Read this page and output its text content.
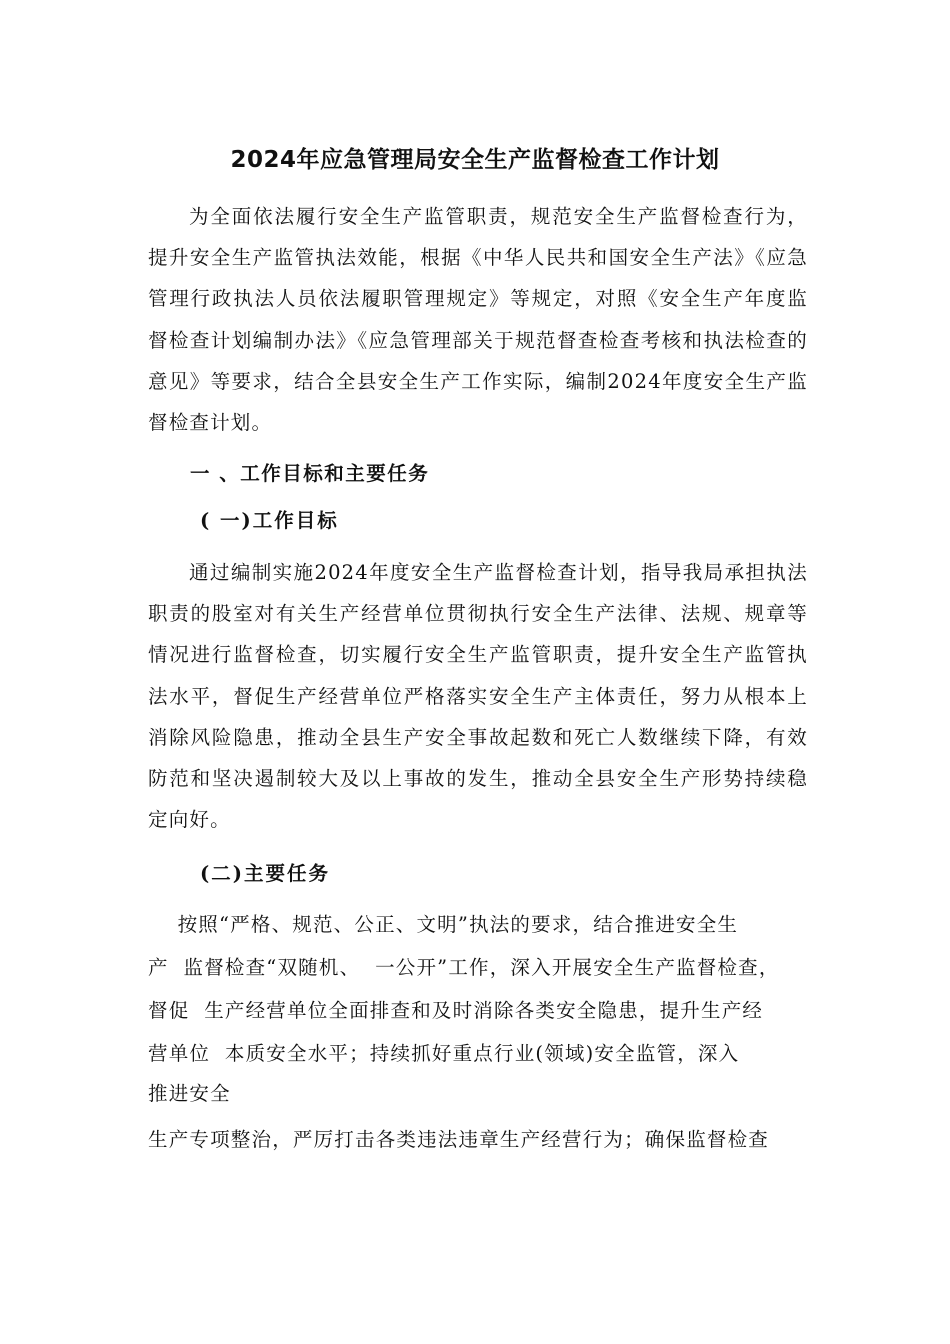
2024年应急管理局安全生产监督检查工作计划

为全面依法履行安全生产监管职责，规范安全生产监督检查行为，提升安全生产监管执法效能，根据《中华人民共和国安全生产法》《应急管理行政执法人员依法履职管理规定》等规定，对照《安全生产年度监督检查计划编制办法》《应急管理部关于规范督查检查考核和执法检查的意见》等要求，结合全县安全生产工作实际，编制2024年度安全生产监督检查计划。

一 、工作目标和主要任务
( 一)工作目标

通过编制实施2024年度安全生产监督检查计划，指导我局承担执法职责的股室对有关生产经营单位贯彻执行安全生产法律、法规、规章等情况进行监督检查，切实履行安全生产监管职责，提升安全生产监管执法水平，督促生产经营单位严格落实安全生产主体责任，努力从根本上消除风险隐患，推动全县生产安全事故起数和死亡人数继续下降，有效防范和坚决遏制较大及以上事故的发生，推动全县安全生产形势持续稳定向好。

(二)主要任务

按照“严格、规范、公正、文明”执法的要求，结合推进安全生

产  监督检查“双随机、  一公开”工作，深入开展安全生产监督检查，

督促  生产经营单位全面排查和及时消除各类安全隐患，提升生产经

营单位  本质安全水平；持续抓好重点行业(领域)安全监管，深入

推进安全

生产专项整治，严厉打击各类违法违章生产经营行为；确保监督检查
